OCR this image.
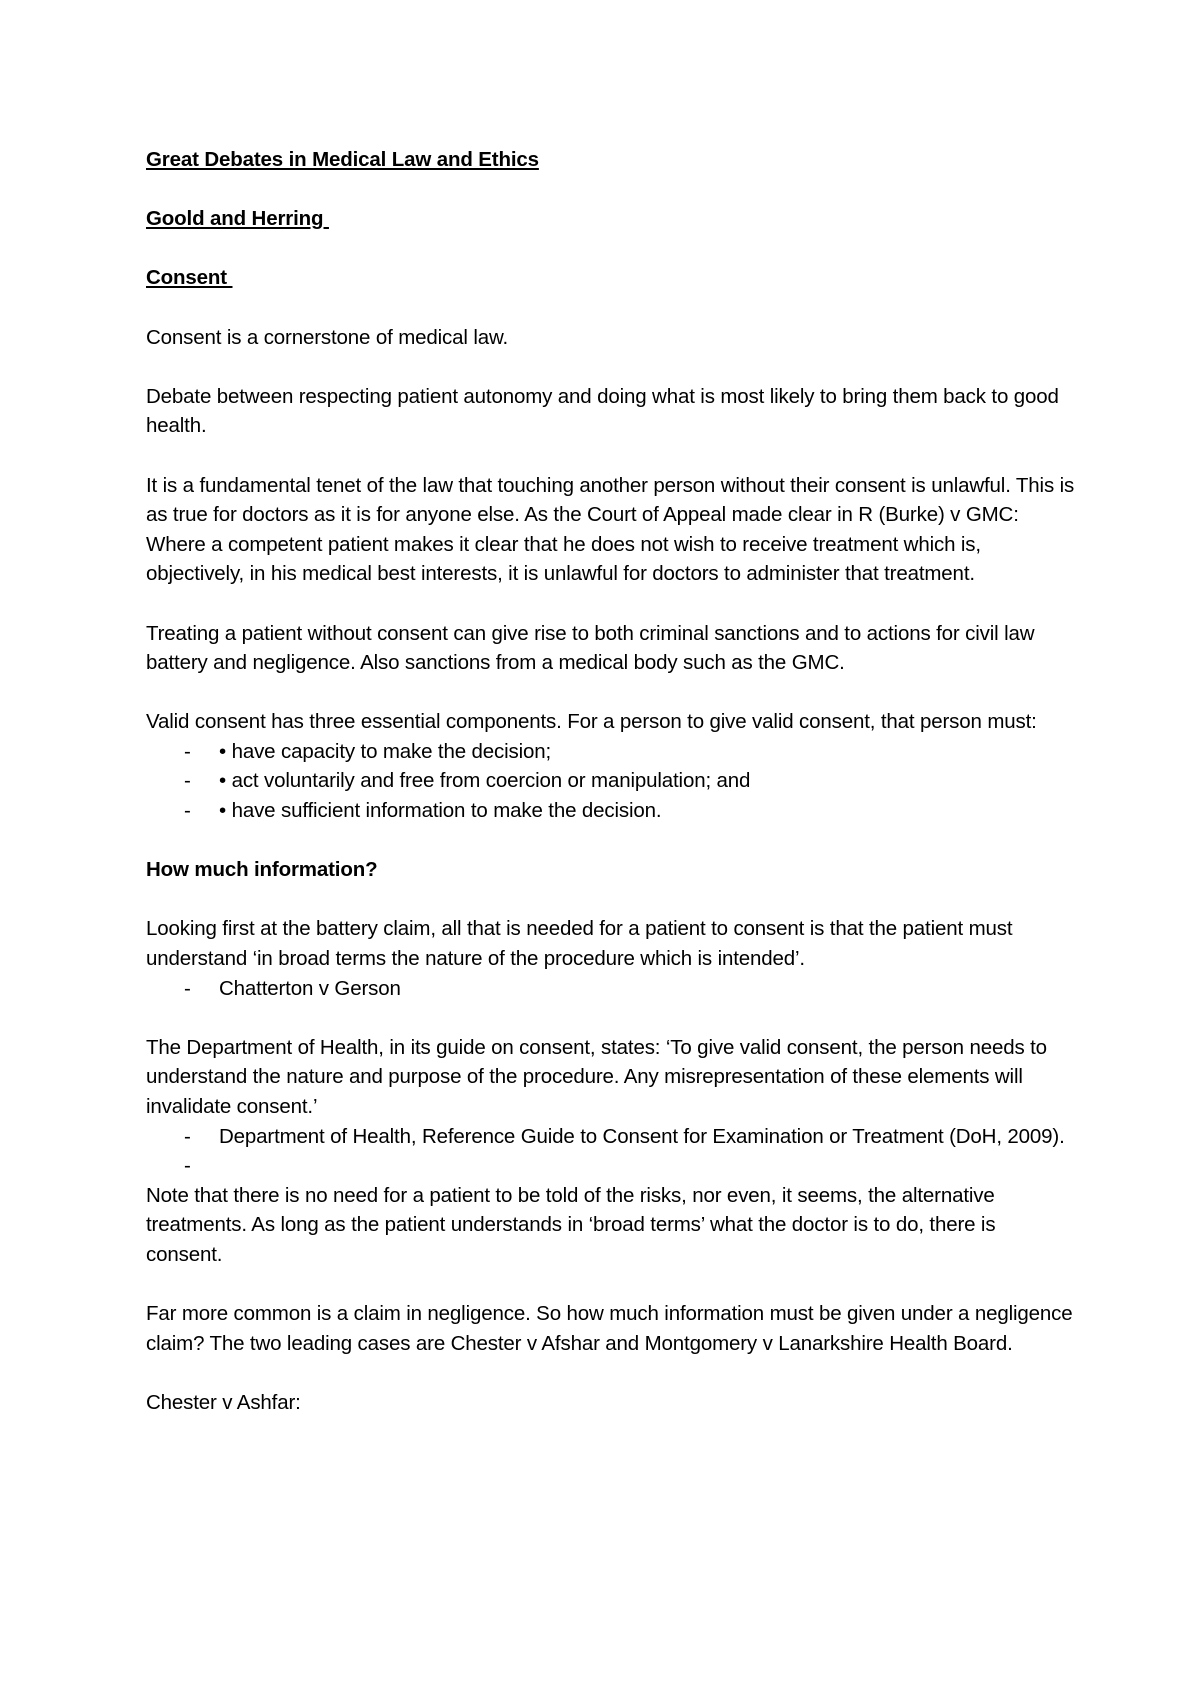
Great Debates in Medical Law and Ethics

Goold and Herring

Consent

Consent is a cornerstone of medical law.

Debate between respecting patient autonomy and doing what is most likely to bring them back to good health.

It is a fundamental tenet of the law that touching another person without their consent is unlawful. This is as true for doctors as it is for anyone else. As the Court of Appeal made clear in R (Burke) v GMC: Where a competent patient makes it clear that he does not wish to receive treatment which is, objectively, in his medical best interests, it is unlawful for doctors to administer that treatment.

Treating a patient without consent can give rise to both criminal sanctions and to actions for civil law battery and negligence. Also sanctions from a medical body such as the GMC.

Valid consent has three essential components. For a person to give valid consent, that person must:

- • have capacity to make the decision;
- • act voluntarily and free from coercion or manipulation; and
- • have sufficient information to make the decision.

How much information?

Looking first at the battery claim, all that is needed for a patient to consent is that the patient must understand ‘in broad terms the nature of the procedure which is intended’.

- Chatterton v Gerson

The Department of Health, in its guide on consent, states: ‘To give valid consent, the person needs to understand the nature and purpose of the procedure. Any misrepresentation of these elements will invalidate consent.’

- Department of Health, Reference Guide to Consent for Examination or Treatment (DoH, 2009).
-

Note that there is no need for a patient to be told of the risks, nor even, it seems, the alternative treatments. As long as the patient understands in ‘broad terms’ what the doctor is to do, there is consent.

Far more common is a claim in negligence. So how much information must be given under a negligence claim? The two leading cases are Chester v Afshar and Montgomery v Lanarkshire Health Board.

Chester v Ashfar:
